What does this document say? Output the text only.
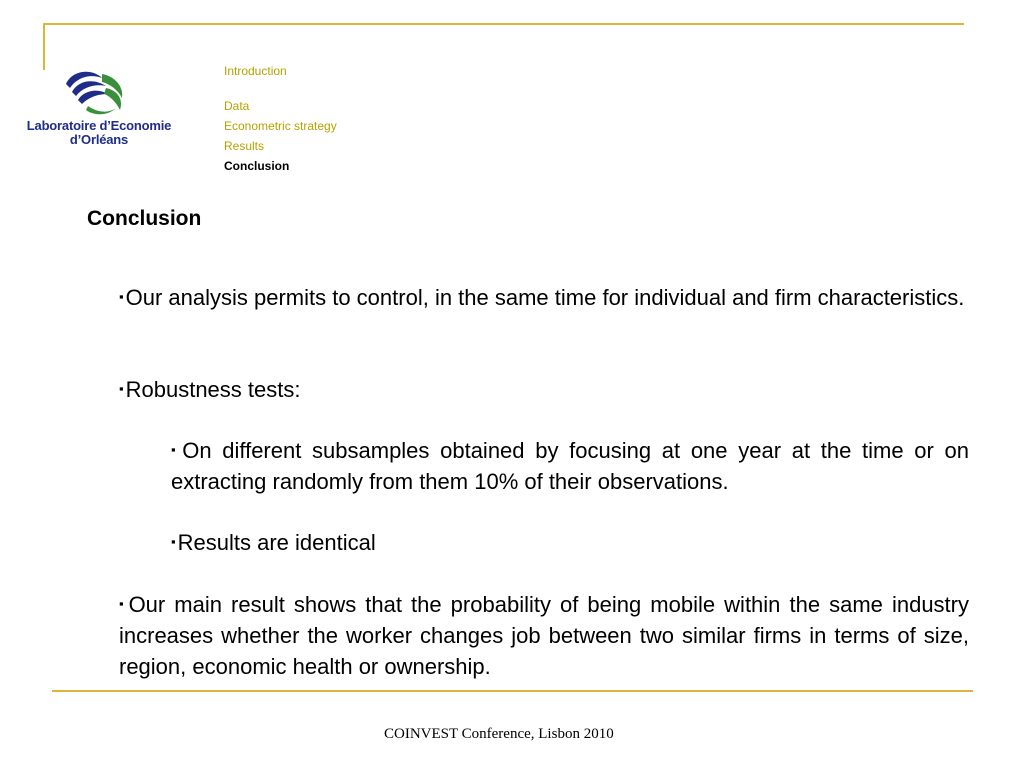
Laboratoire d’Economie
d’Orléans
Introduction
Data
Econometric strategy
Results
Conclusion
Conclusion
▪Our analysis permits to control, in the same time for individual and firm characteristics.
▪Robustness tests:
▪On different subsamples obtained by focusing at one year at the time or on extracting randomly from them 10% of their observations.
▪Results are identical
▪Our main result shows that the probability of being mobile within the same industry increases whether the worker changes job between two similar firms in terms of size, region, economic health or ownership.
COINVEST Conference, Lisbon 2010
